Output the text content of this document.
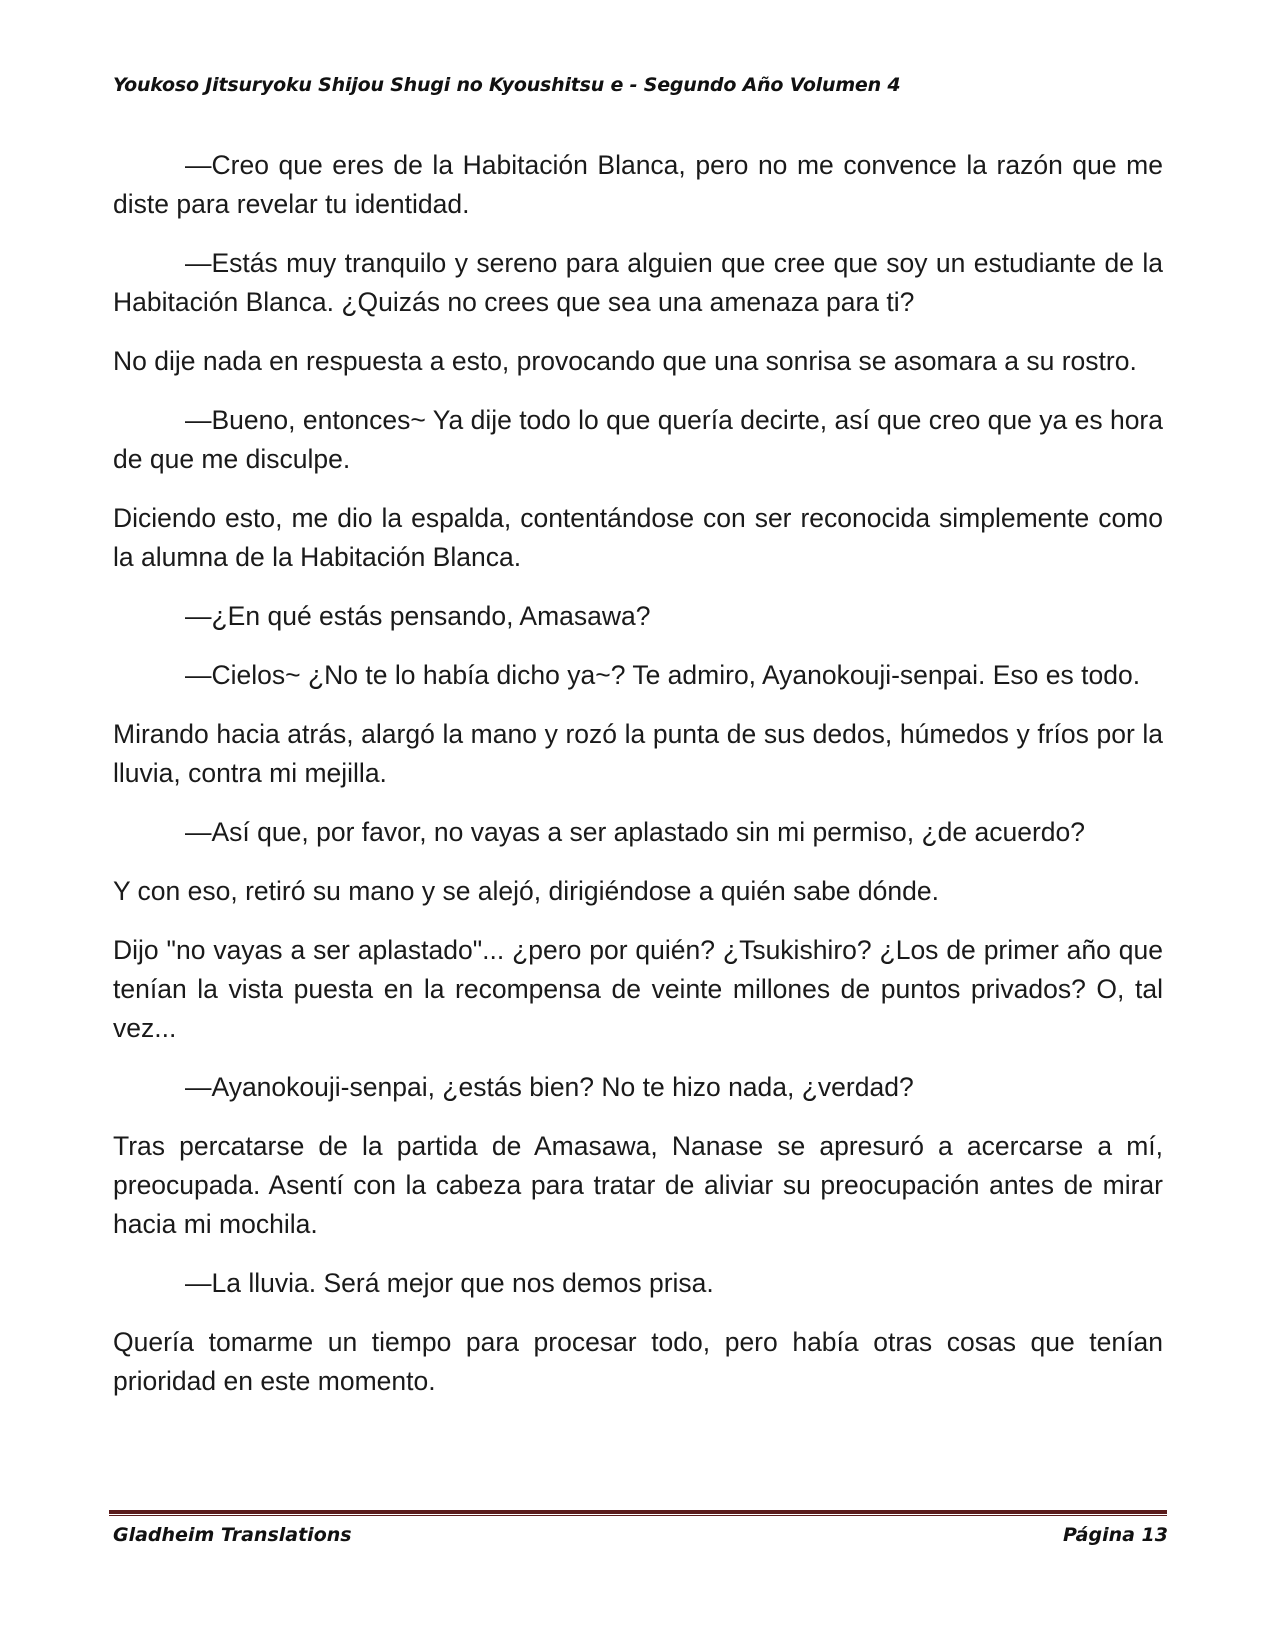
Youkoso Jitsuryoku Shijou Shugi no Kyoushitsu e - Segundo Año Volumen 4

—Creo que eres de la Habitación Blanca, pero no me convence la razón que me diste para revelar tu identidad.

—Estás muy tranquilo y sereno para alguien que cree que soy un estudiante de la Habitación Blanca. ¿Quizás no crees que sea una amenaza para ti?

No dije nada en respuesta a esto, provocando que una sonrisa se asomara a su rostro.

—Bueno, entonces~ Ya dije todo lo que quería decirte, así que creo que ya es hora de que me disculpe.

Diciendo esto, me dio la espalda, contentándose con ser reconocida simplemente como la alumna de la Habitación Blanca.

—¿En qué estás pensando, Amasawa?

—Cielos~ ¿No te lo había dicho ya~? Te admiro, Ayanokouji-senpai. Eso es todo.

Mirando hacia atrás, alargó la mano y rozó la punta de sus dedos, húmedos y fríos por la lluvia, contra mi mejilla.

—Así que, por favor, no vayas a ser aplastado sin mi permiso, ¿de acuerdo?

Y con eso, retiró su mano y se alejó, dirigiéndose a quién sabe dónde.

Dijo "no vayas a ser aplastado"... ¿pero por quién? ¿Tsukishiro? ¿Los de primer año que tenían la vista puesta en la recompensa de veinte millones de puntos privados? O, tal vez...

—Ayanokouji-senpai, ¿estás bien? No te hizo nada, ¿verdad?

Tras percatarse de la partida de Amasawa, Nanase se apresuró a acercarse a mí, preocupada. Asentí con la cabeza para tratar de aliviar su preocupación antes de mirar hacia mi mochila.

—La lluvia. Será mejor que nos demos prisa.

Quería tomarme un tiempo para procesar todo, pero había otras cosas que tenían prioridad en este momento.

Gladheim Translations	Página 13
